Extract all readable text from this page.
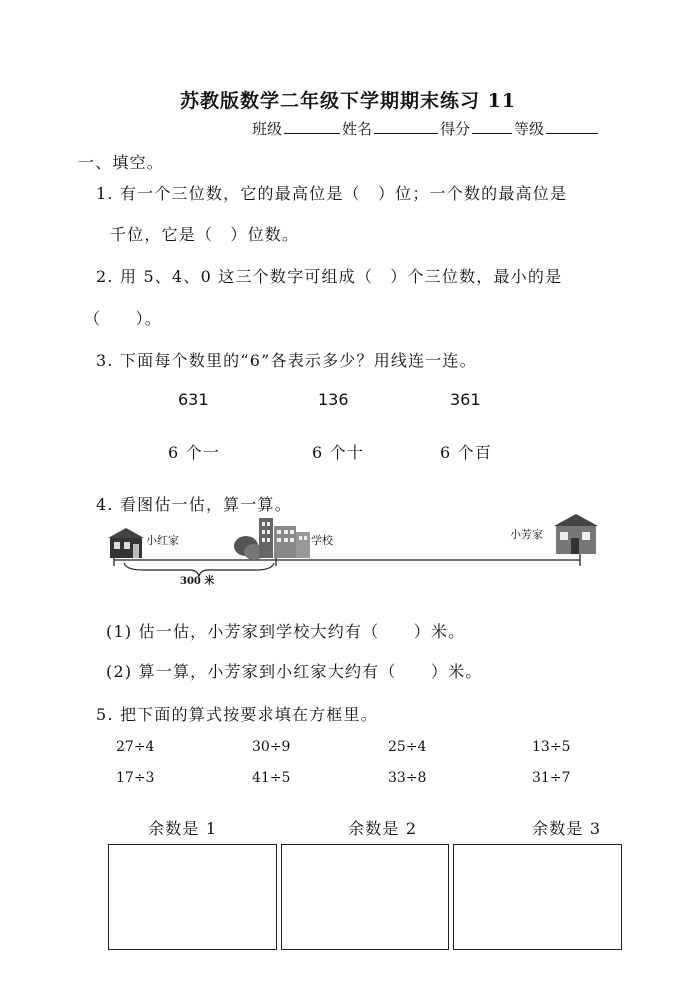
苏教版数学二年级下学期期末练习 11
班级	姓名	得分	等级
一、填空。
1. 有一个三位数，它的最高位是（　）位；一个数的最高位是
千位，它是（　）位数。
2. 用 5、4、0 这三个数字可组成（　）个三位数，最小的是
（　　）。
3. 下面每个数里的“6”各表示多少？用线连一连。
631	136	361
6 个一	6 个十	6 个百
4. 看图估一估，算一算。
小红家	学校	小芳家
300 米
(1) 估一估，小芳家到学校大约有（　　）米。
(2) 算一算，小芳家到小红家大约有（　　）米。
5. 把下面的算式按要求填在方框里。
27÷4	30÷9	25÷4	13÷5
17÷3	41÷5	33÷8	31÷7
余数是 1	余数是 2	余数是 3
